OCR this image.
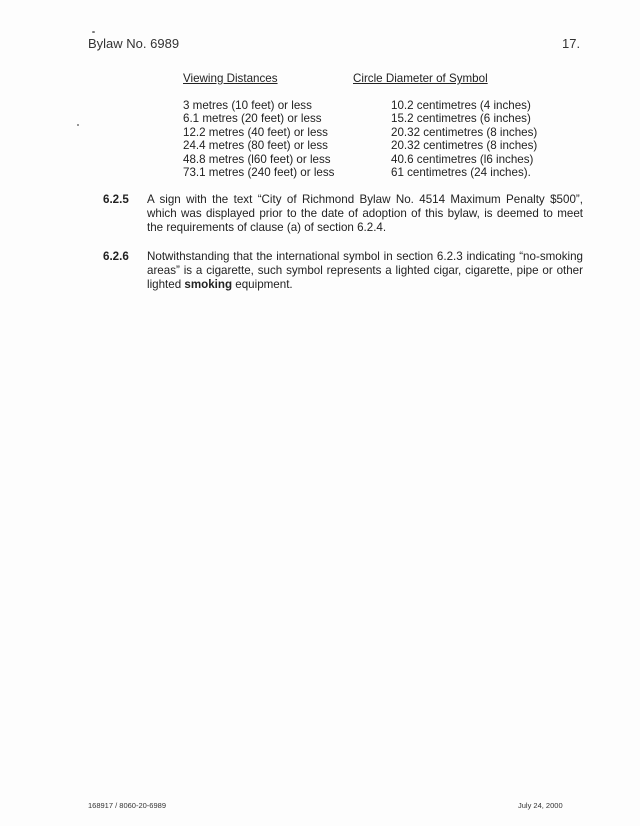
Bylaw No. 6989	17.
Viewing Distances	Circle Diameter of Symbol
3 metres (10 feet) or less	10.2 centimetres (4 inches)
6.1 metres (20 feet) or less	15.2 centimetres (6 inches)
12.2 metres (40 feet) or less	20.32 centimetres (8 inches)
24.4 metres (80 feet) or less	20.32 centimetres (8 inches)
48.8 metres (l60 feet) or less	40.6 centimetres (l6 inches)
73.1 metres (240 feet) or less	61 centimetres (24 inches).
6.2.5 A sign with the text “City of Richmond Bylaw No. 4514 Maximum Penalty $500”, which was displayed prior to the date of adoption of this bylaw, is deemed to meet the requirements of clause (a) of section 6.2.4.
6.2.6 Notwithstanding that the international symbol in section 6.2.3 indicating “no-smoking areas” is a cigarette, such symbol represents a lighted cigar, cigarette, pipe or other lighted smoking equipment.
168917 / 8060-20-6989	July 24, 2000
